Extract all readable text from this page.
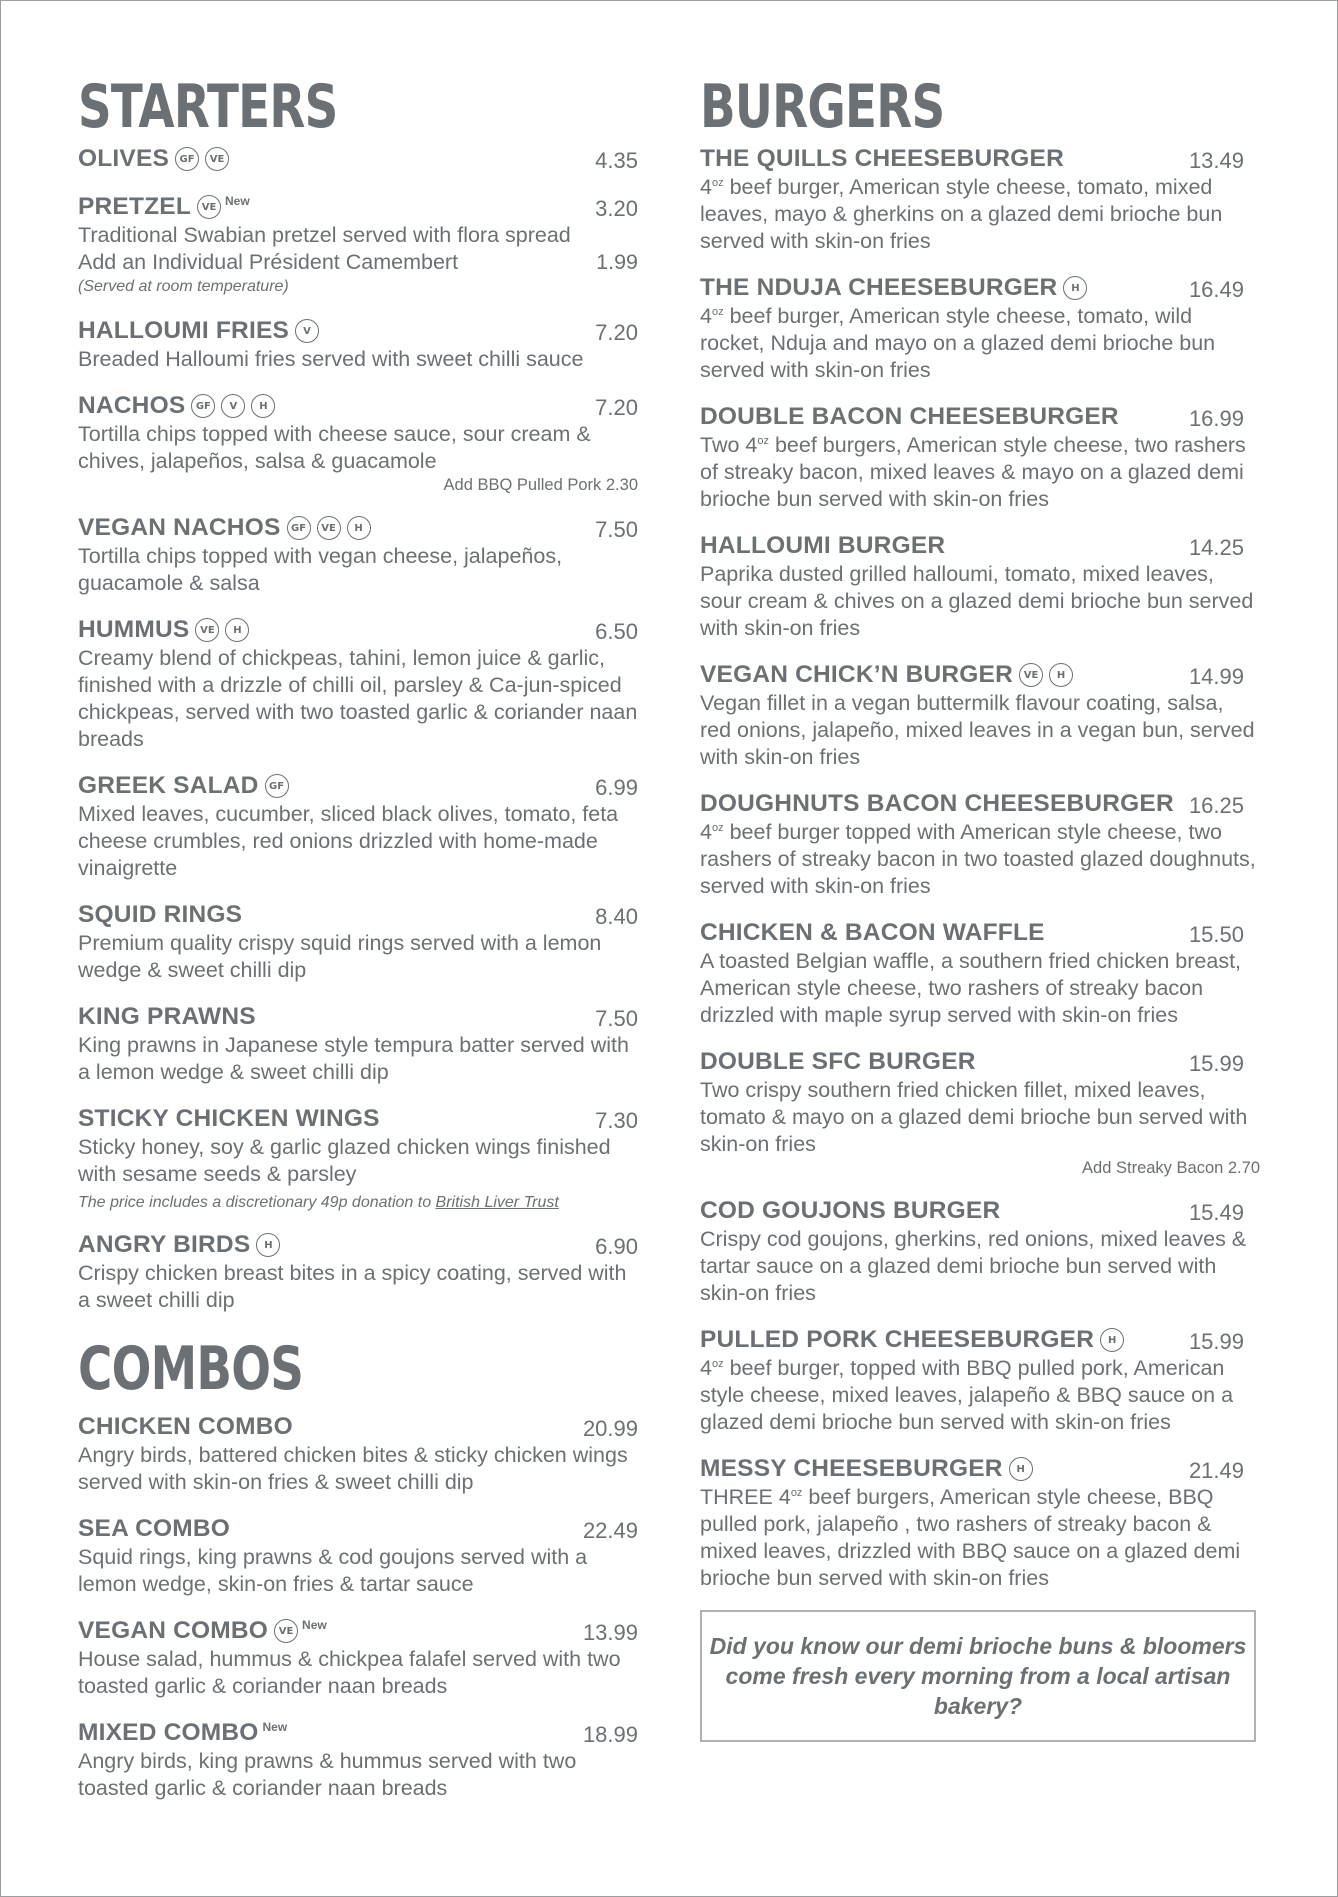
STARTERS
OLIVES	GF	VE	4.35
PRETZEL	VE New	3.20
Traditional Swabian pretzel served with flora spread
Add an Individual Président Camembert	1.99
(Served at room temperature)
HALLOUMI FRIES	V	7.20
Breaded Halloumi fries served with sweet chilli sauce
NACHOS	GF	V	H	7.20
Tortilla chips topped with cheese sauce, sour cream & chives, jalapeños, salsa & guacamole
Add BBQ Pulled Pork 2.30
VEGAN NACHOS	GF	VE	H	7.50
Tortilla chips topped with vegan cheese, jalapeños, guacamole & salsa
HUMMUS	VE	H	6.50
Creamy blend of chickpeas, tahini, lemon juice & garlic, finished with a drizzle of chilli oil, parsley & Ca-jun-spiced chickpeas, served with two toasted garlic & coriander naan breads
GREEK SALAD	GF	6.99
Mixed leaves, cucumber, sliced black olives, tomato, feta cheese crumbles, red onions drizzled with home-made vinaigrette
SQUID RINGS	8.40
Premium quality crispy squid rings served with a lemon wedge & sweet chilli dip
KING PRAWNS	7.50
King prawns in Japanese style tempura batter served with a lemon wedge & sweet chilli dip
STICKY CHICKEN WINGS	7.30
Sticky honey, soy & garlic glazed chicken wings finished with sesame seeds & parsley
The price includes a discretionary 49p donation to British Liver Trust
ANGRY BIRDS	H	6.90
Crispy chicken breast bites in a spicy coating, served with a sweet chilli dip
COMBOS
CHICKEN COMBO	20.99
Angry birds, battered chicken bites & sticky chicken wings served with skin-on fries & sweet chilli dip
SEA COMBO	22.49
Squid rings, king prawns & cod goujons served with a lemon wedge, skin-on fries & tartar sauce
VEGAN COMBO	VE New	13.99
House salad, hummus & chickpea falafel served with two toasted garlic & coriander naan breads
MIXED COMBO New	18.99
Angry birds, king prawns & hummus served with two toasted garlic & coriander naan breads
BURGERS
THE QUILLS CHEESEBURGER	13.49
$4^{oz}$ beef burger, American style cheese, tomato, mixed leaves, mayo & gherkins on a glazed demi brioche bun served with skin-on fries
THE NDUJA CHEESEBURGER	H	16.49
$4^{oz}$ beef burger, American style cheese, tomato, wild rocket, Nduja and mayo on a glazed demi brioche bun served with skin-on fries
DOUBLE BACON CHEESEBURGER	16.99
Two $4^{oz}$ beef burgers, American style cheese, two rashers of streaky bacon, mixed leaves & mayo on a glazed demi brioche bun served with skin-on fries
HALLOUMI BURGER	14.25
Paprika dusted grilled halloumi, tomato, mixed leaves, sour cream & chives on a glazed demi brioche bun served with skin-on fries
VEGAN CHICK’N BURGER	VE	H	14.99
Vegan fillet in a vegan buttermilk flavour coating, salsa, red onions, jalapeño, mixed leaves in a vegan bun, served with skin-on fries
DOUGHNUTS BACON CHEESEBURGER 16.25
$4^{oz}$ beef burger topped with American style cheese, two rashers of streaky bacon in two toasted glazed doughnuts, served with skin-on fries
CHICKEN & BACON WAFFLE	15.50
A toasted Belgian waffle, a southern fried chicken breast, American style cheese, two rashers of streaky bacon drizzled with maple syrup served with skin-on fries
DOUBLE SFC BURGER	15.99
Two crispy southern fried chicken fillet, mixed leaves, tomato & mayo on a glazed demi brioche bun served with skin-on fries
Add Streaky Bacon 2.70
COD GOUJONS BURGER	15.49
Crispy cod goujons, gherkins, red onions, mixed leaves & tartar sauce on a glazed demi brioche bun served with skin-on fries
PULLED PORK CHEESEBURGER	H	15.99
$4^{oz}$ beef burger, topped with BBQ pulled pork, American style cheese, mixed leaves, jalapeño & BBQ sauce on a glazed demi brioche bun served with skin-on fries
MESSY CHEESEBURGER	H	21.49
THREE $4^{oz}$ beef burgers, American style cheese, BBQ pulled pork, jalapeño , two rashers of streaky bacon & mixed leaves, drizzled with BBQ sauce on a glazed demi brioche bun served with skin-on fries
Did you know our demi brioche buns & bloomers come fresh every morning from a local artisan bakery?
